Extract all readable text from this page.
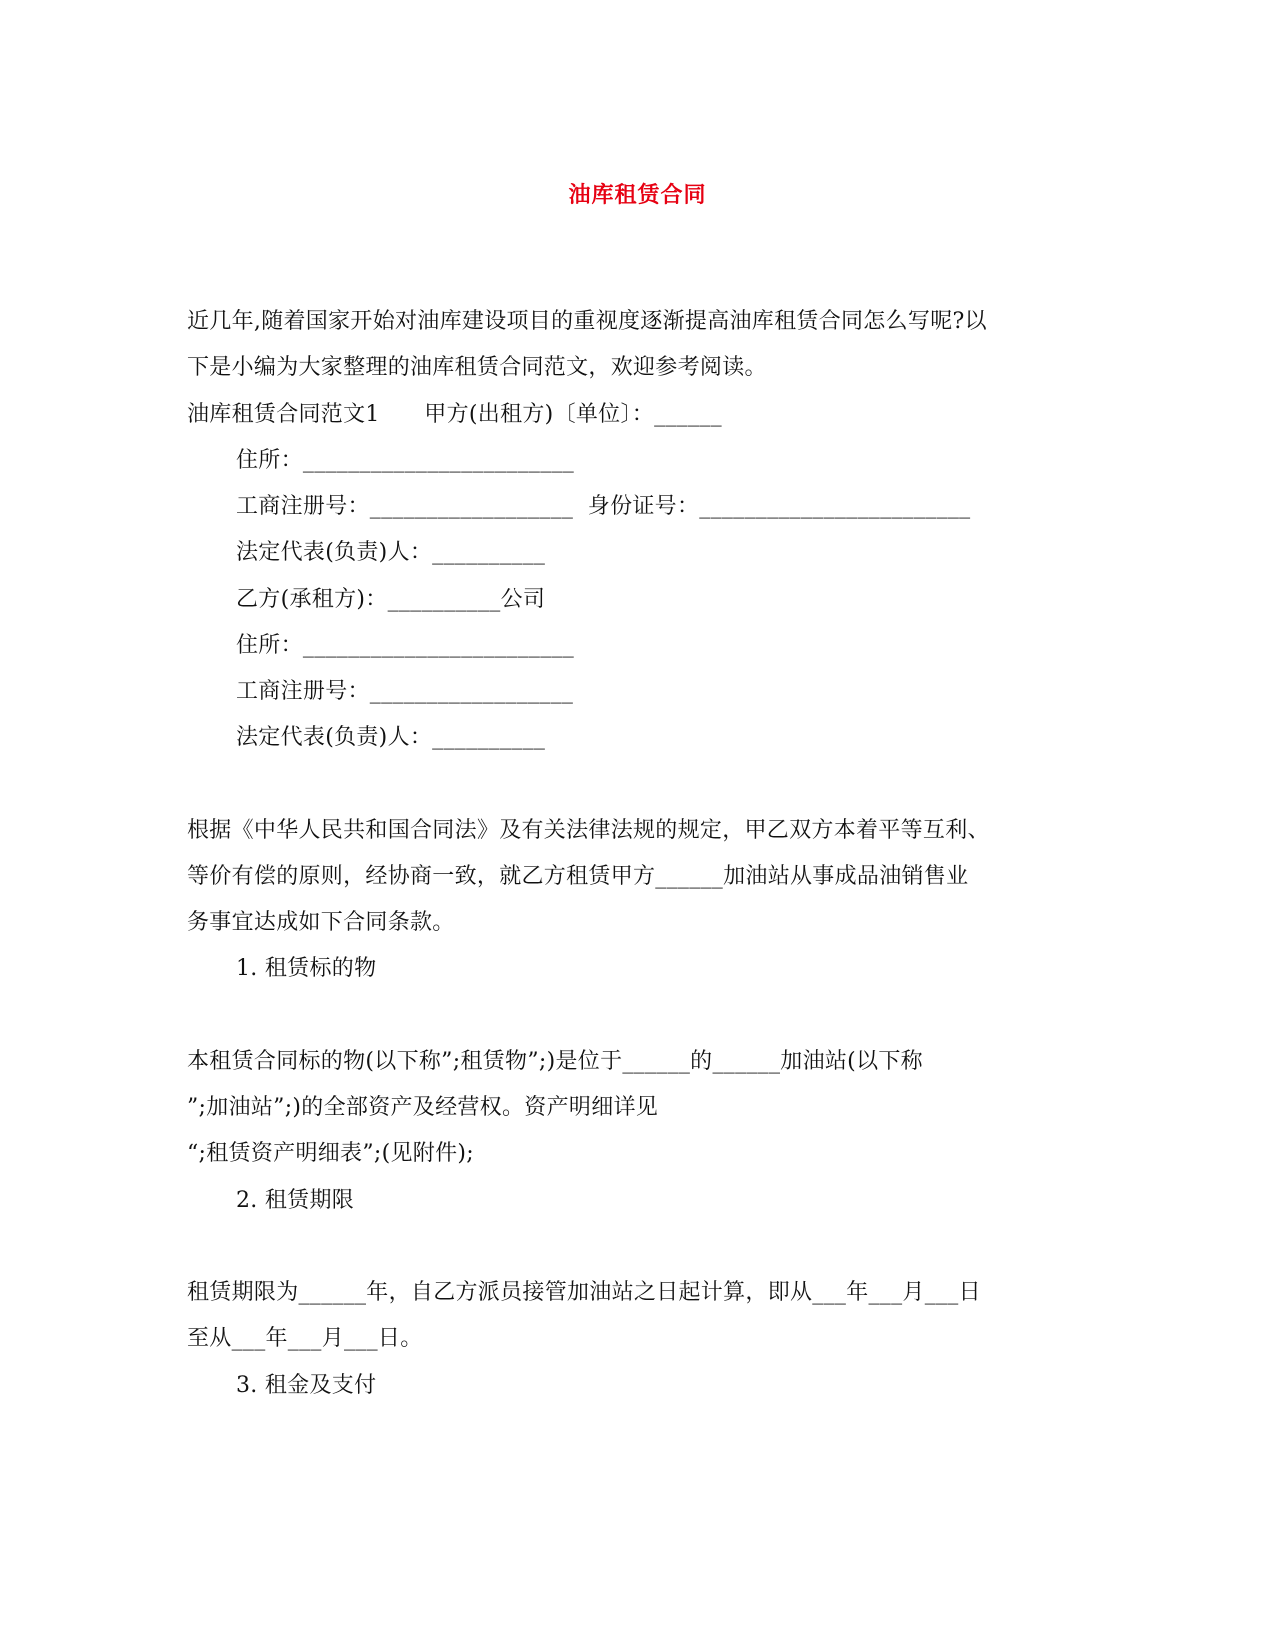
油库租赁合同
近几年,随着国家开始对油库建设项目的重视度逐渐提高油库租赁合同怎么写呢?以
下是小编为大家整理的油库租赁合同范文，欢迎参考阅读。
油库租赁合同范文1　　甲方(出租方)〔单位〕：______
住所：________________________
工商注册号：__________________  身份证号：________________________
法定代表(负责)人：__________
乙方(承租方)：__________公司
住所：________________________
工商注册号：__________________
法定代表(负责)人：__________
根据《中华人民共和国合同法》及有关法律法规的规定，甲乙双方本着平等互利、
等价有偿的原则，经协商一致，就乙方租赁甲方______加油站从事成品油销售业
务事宜达成如下合同条款。
1. 租赁标的物
本租赁合同标的物(以下称”;租赁物”;)是位于______的______加油站(以下称
”;加油站”;)的全部资产及经营权。资产明细详见
“;租赁资产明细表”;(见附件);
2. 租赁期限
租赁期限为______年，自乙方派员接管加油站之日起计算，即从___年___月___日
至从___年___月___日。
3. 租金及支付
